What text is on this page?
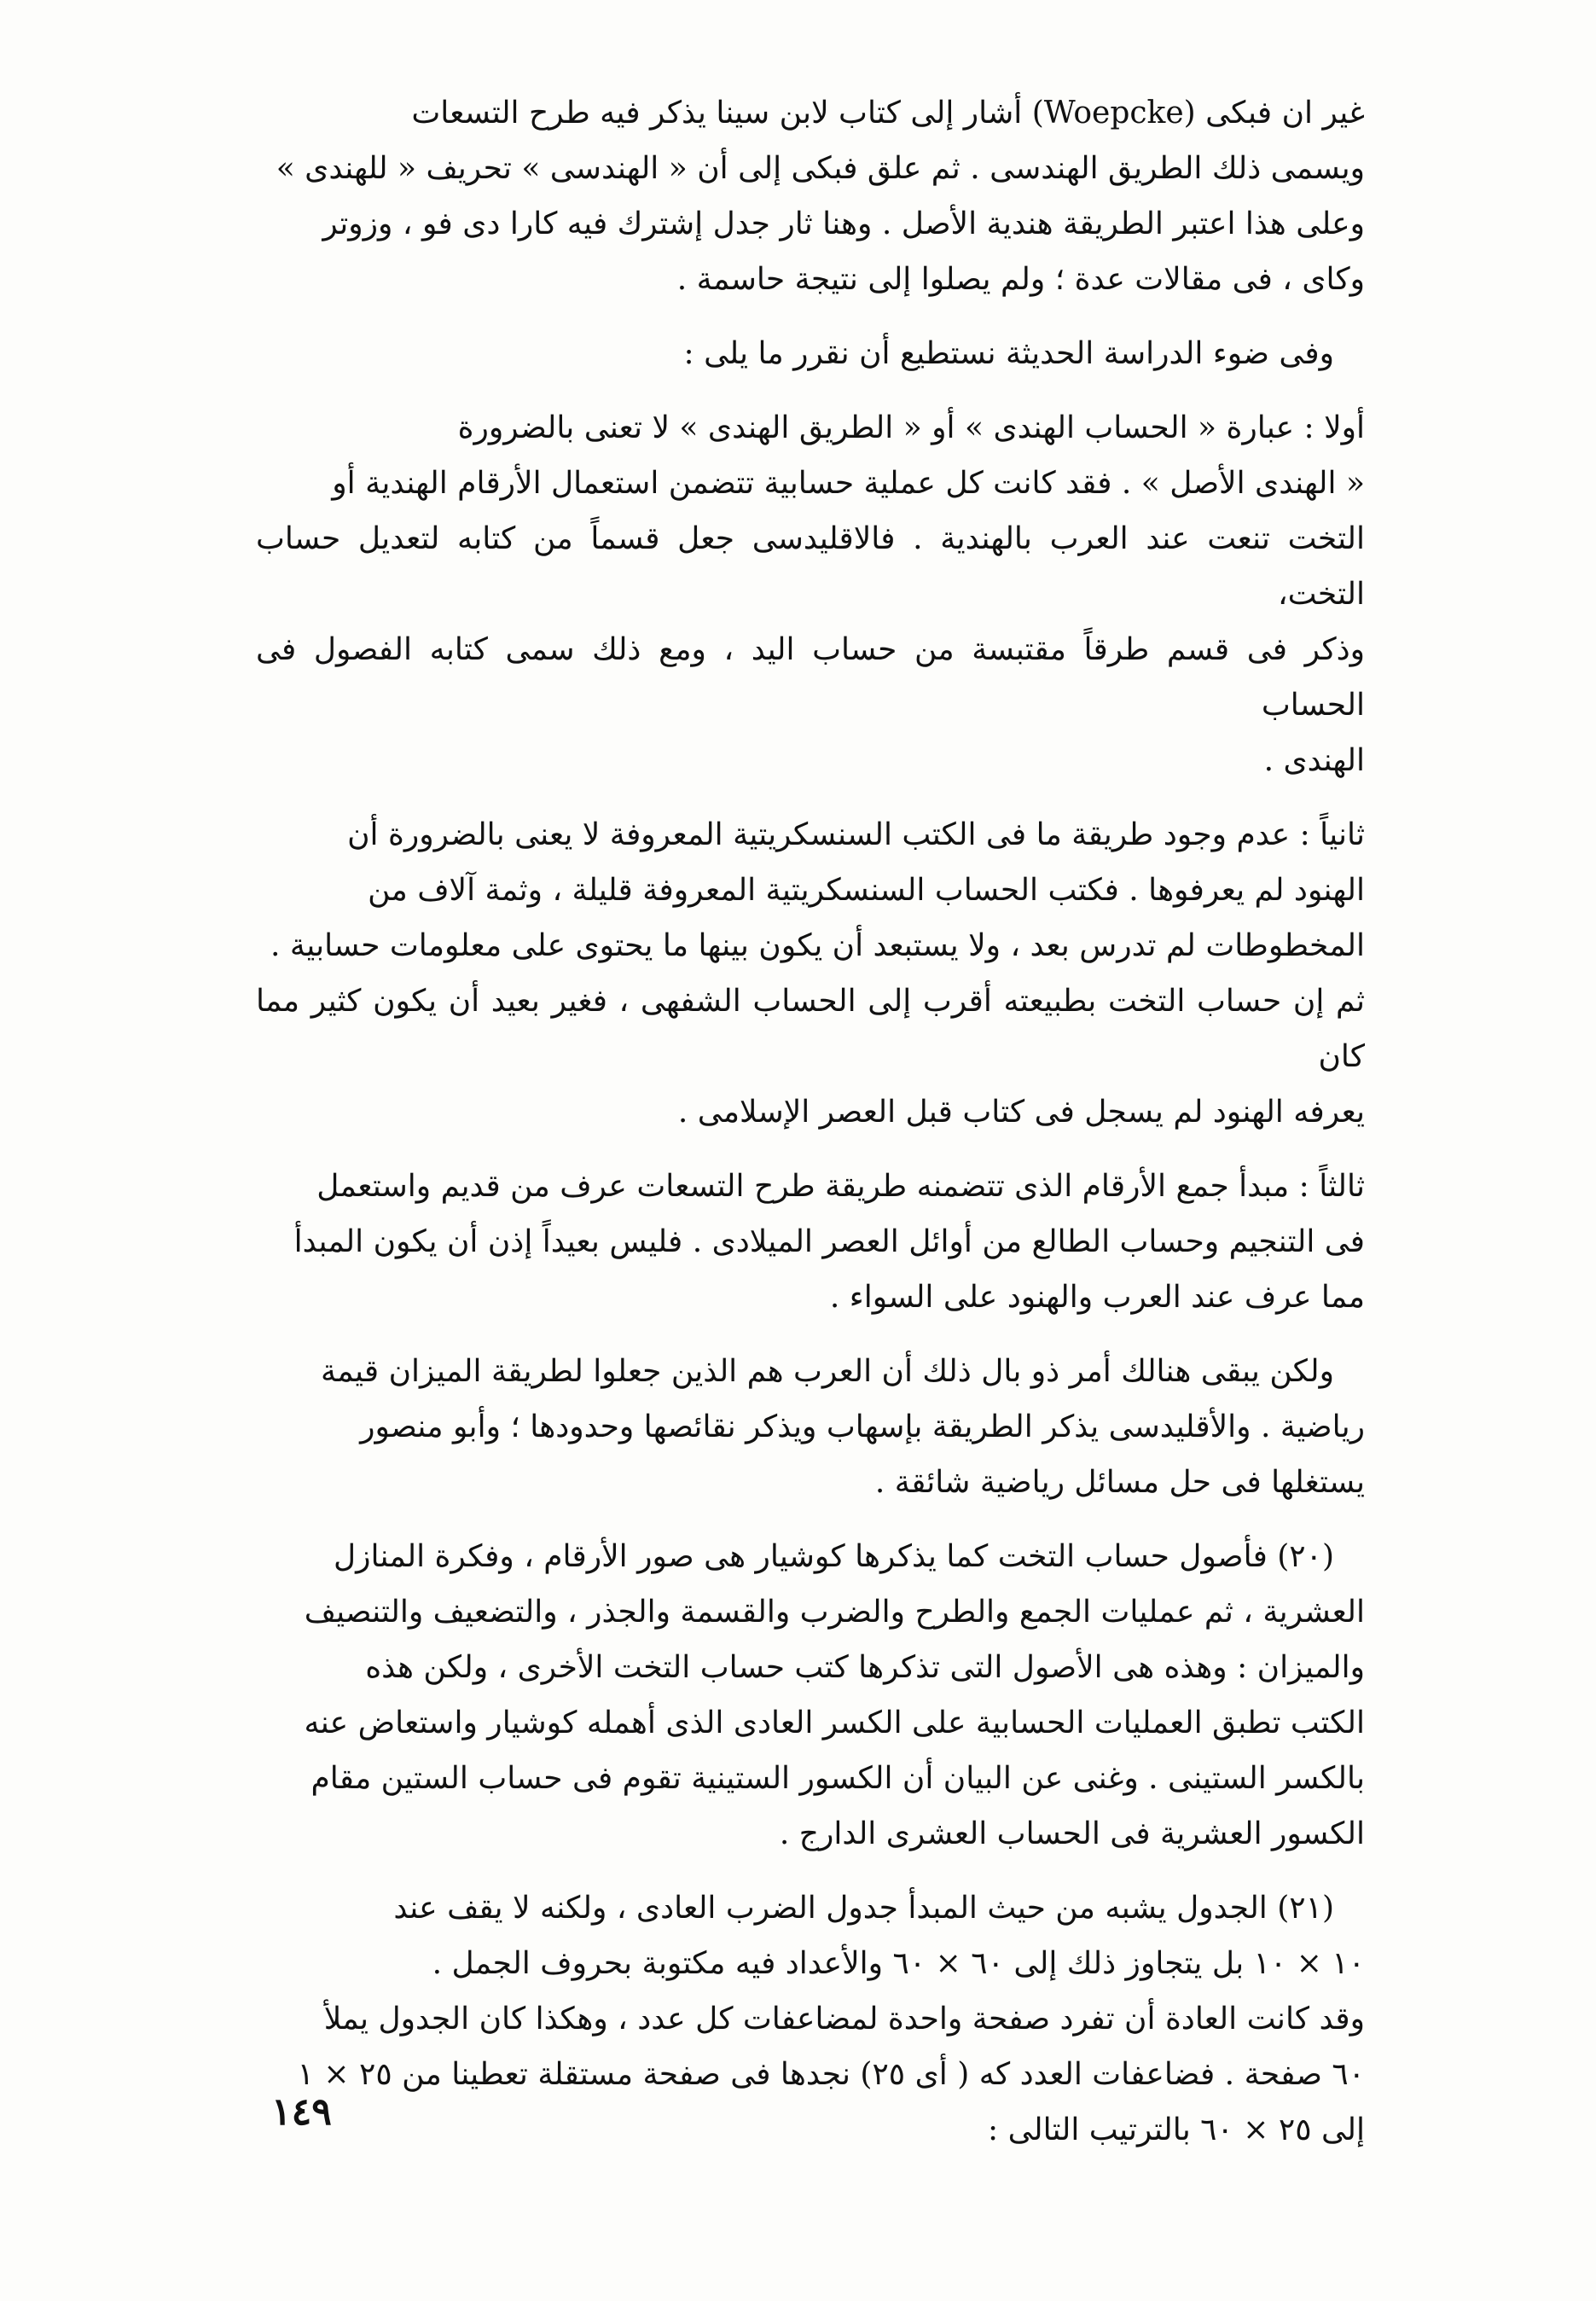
غير ان فبكى (Woepcke) أشار إلى كتاب لابن سينا يذكر فيه طرح التسعات
ويسمى ذلك الطريق الهندسى . ثم علق فبكى إلى أن « الهندسى » تحريف « للهندى »
وعلى هذا اعتبر الطريقة هندية الأصل . وهنا ثار جدل إشترك فيه كارا دى فو ، وزوتر
وكاى ، فى مقالات عدة ؛ ولم يصلوا إلى نتيجة حاسمة .

وفى ضوء الدراسة الحديثة نستطيع أن نقرر ما يلى :

أولا : عبارة « الحساب الهندى » أو « الطريق الهندى » لا تعنى بالضرورة
« الهندى الأصل » . فقد كانت كل عملية حسابية تتضمن استعمال الأرقام الهندية أو
التخت تنعت عند العرب بالهندية . فالاقليدسى جعل قسماً من كتابه لتعديل حساب التخت،
وذكر فى قسم طرقاً مقتبسة من حساب اليد ، ومع ذلك سمى كتابه الفصول فى الحساب
الهندى .

ثانياً : عدم وجود طريقة ما فى الكتب السنسكريتية المعروفة لا يعنى بالضرورة أن
الهنود لم يعرفوها . فكتب الحساب السنسكريتية المعروفة قليلة ، وثمة آلاف من
المخطوطات لم تدرس بعد ، ولا يستبعد أن يكون بينها ما يحتوى على معلومات حسابية .
ثم إن حساب التخت بطبيعته أقرب إلى الحساب الشفهى ، فغير بعيد أن يكون كثير مما كان
يعرفه الهنود لم يسجل فى كتاب قبل العصر الإسلامى .

ثالثاً : مبدأ جمع الأرقام الذى تتضمنه طريقة طرح التسعات عرف من قديم واستعمل
فى التنجيم وحساب الطالع من أوائل العصر الميلادى . فليس بعيداً إذن أن يكون المبدأ
مما عرف عند العرب والهنود على السواء .

ولكن يبقى هنالك أمر ذو بال ذلك أن العرب هم الذين جعلوا لطريقة الميزان قيمة
رياضية . والأقليدسى يذكر الطريقة بإسهاب ويذكر نقائصها وحدودها ؛ وأبو منصور
يستغلها فى حل مسائل رياضية شائقة .

(٢٠) فأصول حساب التخت كما يذكرها كوشيار هى صور الأرقام ، وفكرة المنازل
العشرية ، ثم عمليات الجمع والطرح والضرب والقسمة والجذر ، والتضعيف والتنصيف
والميزان : وهذه هى الأصول التى تذكرها كتب حساب التخت الأخرى ، ولكن هذه
الكتب تطبق العمليات الحسابية على الكسر العادى الذى أهمله كوشيار واستعاض عنه
بالكسر الستينى . وغنى عن البيان أن الكسور الستينية تقوم فى حساب الستين مقام
الكسور العشرية فى الحساب العشرى الدارج .

(٢١) الجدول يشبه من حيث المبدأ جدول الضرب العادى ، ولكنه لا يقف عند
١٠ × ١٠ بل يتجاوز ذلك إلى ٦٠ × ٦٠ والأعداد فيه مكتوبة بحروف الجمل .
وقد كانت العادة أن تفرد صفحة واحدة لمضاعفات كل عدد ، وهكذا كان الجدول يملأ
٦٠ صفحة . فضاعفات العدد كه ( أى ٢٥) نجدها فى صفحة مستقلة تعطينا من ٢٥ × ١
إلى ٢٥ × ٦٠ بالترتيب التالى :

١٤٩
